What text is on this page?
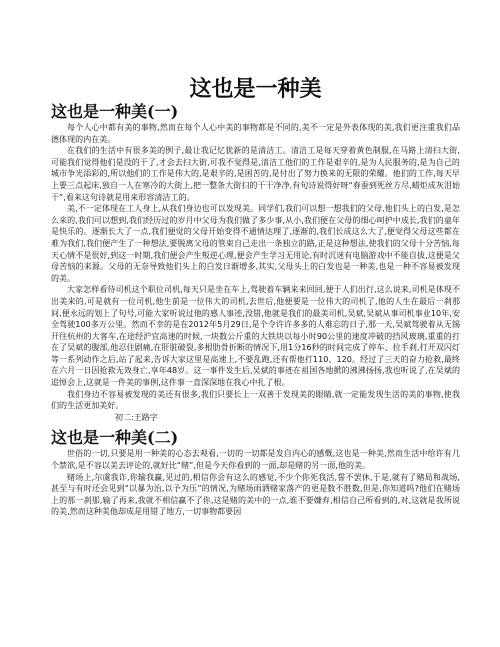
这也是一种美
这也是一种美(一)

每个人心中都有美的事物,然而在每个人心中美的事物都是不同的,美不一定是外表体现的美,我们更注重我们品德体现的内在美。

在我们的生活中有很多美的例子,最让我记忆犹新的是清洁工。清洁工是每天穿着黄色制服,在马路上清扫大街,可能我们觉得他们是没的干了,才会去扫大街,可我不觉得是,清洁工他们的工作是艰辛的,是为人民服务的,是为自己的城市争光添彩的,所以他们的工作是伟大的,是艰辛的,是困苦的,是付出了努力换来的无限的荣耀。他们的工作,每天早上要三点起床,独自一人在寒冷的大街上,把一整条大街扫的干干净净,有句诗说得好呀“春蚕到死丝方尽,蜡炬成灰泪始干”,看来这句诗就是用来形容清洁工的。

美,不一定体现在工人身上,从我们身边也可以发现美。同学们,我们可以想一想我们的父母,他们头上的白发,是怎么来的,我们可以想到,我们经历过的岁月中父母为我们做了多少事,从小,我们便在父母的细心呵护中成长,我们的童年是快乐的。逐渐长大了一点,我们便觉的父母开始变得不通情达理了,逐渐的,我们长成这么大了,便觉得父母这些都在难为我们,我们便产生了一种想法,要脱离父母的管束自己走出一条独立的路,正是这种想法,使我们的父母十分苦恼,每天心情不是很好,到这一时期,我们便会产生叛逆心理,便会产生学习无用论,有时沉迷有电脑游戏中不能自拔,这便是父母苦恼的来源。父母的无奈导致他们头上的白发日渐增多,其实,父母头上的白发也是一种美,也是一种不容易被发现的美。

大家怎样看待司机这个职位司机,每天只是坐在车上,驾驶着车辆来来回回,便于人们出行,这么说来,司机是体现不出美来的,可是就有一位司机,他生前是一位伟大的司机,去世后,他便要是一位伟大的司机了,他的人生在最后一刹那间,便永远的划上了句号,可能大家听说过他的感人事迹,没错,他就是我们的最美司机,吴斌,吴斌从事司机事业10年,安全驾驶100多万公里。然而不幸的是在2012年5月29日,是个令许许多多的人难忘的日子,那一天,吴斌驾驶着从无锡开往杭州的大客车,在途经沪宜高速的时候,一块数公斤重的大铁块以每小时90公里的速度冲破的挡风玻璃,重重的打在了吴斌的腹部,他忍住剧痛,在肝脏破裂,多根肋骨折断的情况下,用1分16秒的时间完成了停车、拉手刹,打开双闪灯等一系列动作之后,站了起来,告诉大家这里是高速上,不要乱跑,还有帮他打110、120。经过了三天的奋力抢救,最终在六月一日因抢救无效身亡,享年48岁。这一事件发生后,吴斌的事迹在祖国各地掀的沸沸扬扬,我也听说了,在吴斌的追悼会上,这就是一件美的事例,这件事一直深深地在我心中扎了根。

我们身边不容易被发现的美还有很多,我们只要长上一双善于发现美的眼睛,就一定能发现生活的美的事物,使我们的生活更加美好。

初二:王路字

这也是一种美(二)

世俗的一切,只要是用一种美的心态去观看,一切的一切都是发自内心的感慨,这也是一种美,然而生活中给许有几个禁欲,是不容以美去评论的,就好比“赌”,但是今天你看到的一面,却是赌的另一面,他的美。

赌场上,尔虞我诈,你输我赢,见过的,相信你会有这么的感觉,不少个你死我活,誓不罢休,于是,就有了赌局和战场,甚至与有时还会见到“以暴为治,以予为压”的情况,为赌场雨洒赌家落产的更是数不胜数,但是,你知道吗?他们在赌场上的那一刹那,输了再来,我就不相信赢不了你,这是赌的美中的一点,谁不要嫌弃,相信自己所看到的,对,这就是我所说的美,然而这种美他却成是用错了地方,一切事物都要因
